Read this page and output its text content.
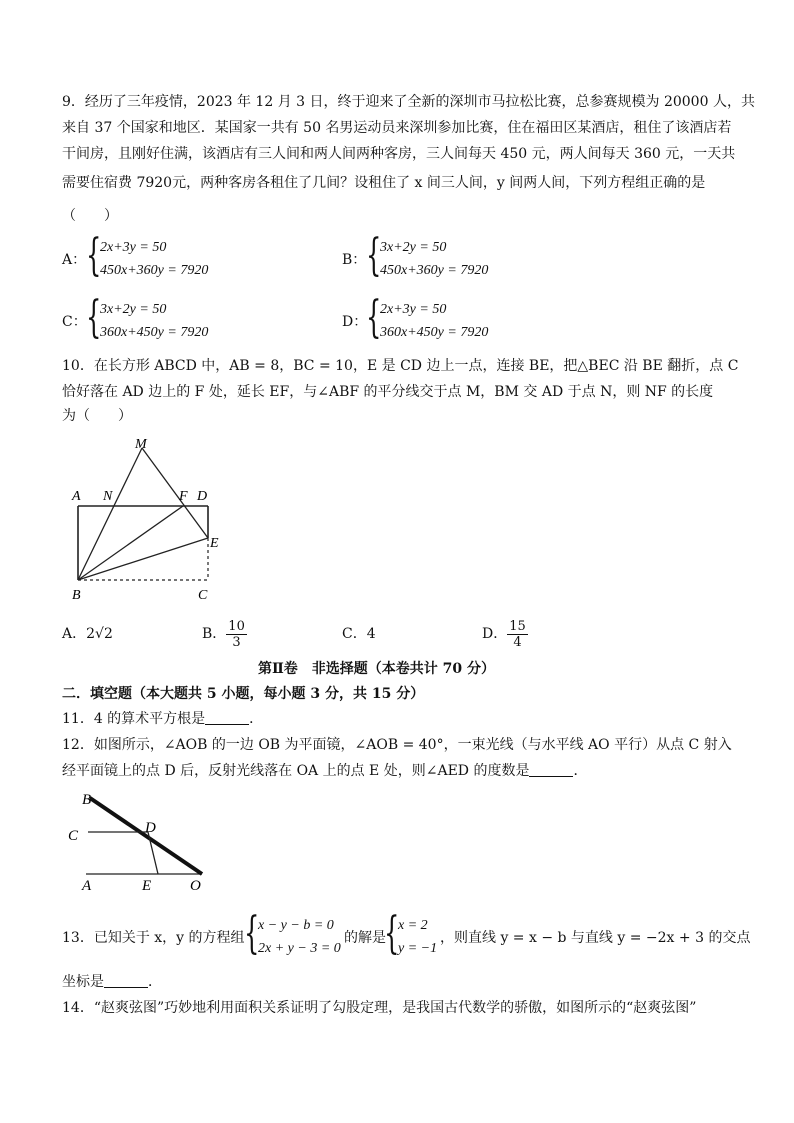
9．经历了三年疫情，2023 年 12 月 3 日，终于迎来了全新的深圳市马拉松比赛，总参赛规模为 20000 人，共
来自 37 个国家和地区．某国家一共有 50 名男运动员来深圳参加比赛，住在福田区某酒店，租住了该酒店若
干间房，且刚好住满，该酒店有三人间和两人间两种客房，三人间每天 450 元，两人间每天 360 元，一天共
需要住宿费 7920元，两种客房各租住了几间？设租住了 x 间三人间，y 间两人间，下列方程组正确的是
（　　）
A： {
2x+3y = 50
450x+360y = 7920
B： {
3x+2y = 50
450x+360y = 7920
C： {
3x+2y = 50
360x+450y = 7920
D：
{
2x+3y = 50
360x+450y = 7920
10．在长方形 ABCD 中，AB = 8，BC = 10，E 是 CD 边上一点，连接 BE，把△BEC 沿 BE 翻折，点 C
恰好落在 AD 边上的 F 处，延长 EF，与∠ABF 的平分线交于点 M，BM 交 AD 于点 N，则 NF 的长度
为（　　）
M
A N	F D
E
B	C
A．2√2	B． $\frac{10}{3}$	C．4	D． $\frac{15}{4}$
第Ⅱ卷　非选择题（本卷共计 70 分）
二．填空题（本大题共 5 小题，每小题 3 分，共 15 分）
11．4 的算术平方根是	．
12．如图所示，∠AOB 的一边 OB 为平面镜，∠AOB = 40°，一束光线（与水平线 AO 平行）从点 C 射入
经平面镜上的点 D 后，反射光线落在 OA 上的点 E 处，则∠AED 的度数是	．
B
C	D
A	E	O
13．已知关于 x，y 的方程组 {
x − y − b = 0
2x + y − 3 = 0
的解是
{
x = 2
y = −1
，则直线 y = x − b 与直线 y = −2x + 3 的交点
坐标是	．
14．“赵爽弦图”巧妙地利用面积关系证明了勾股定理，是我国古代数学的骄傲，如图所示的“赵爽弦图”
